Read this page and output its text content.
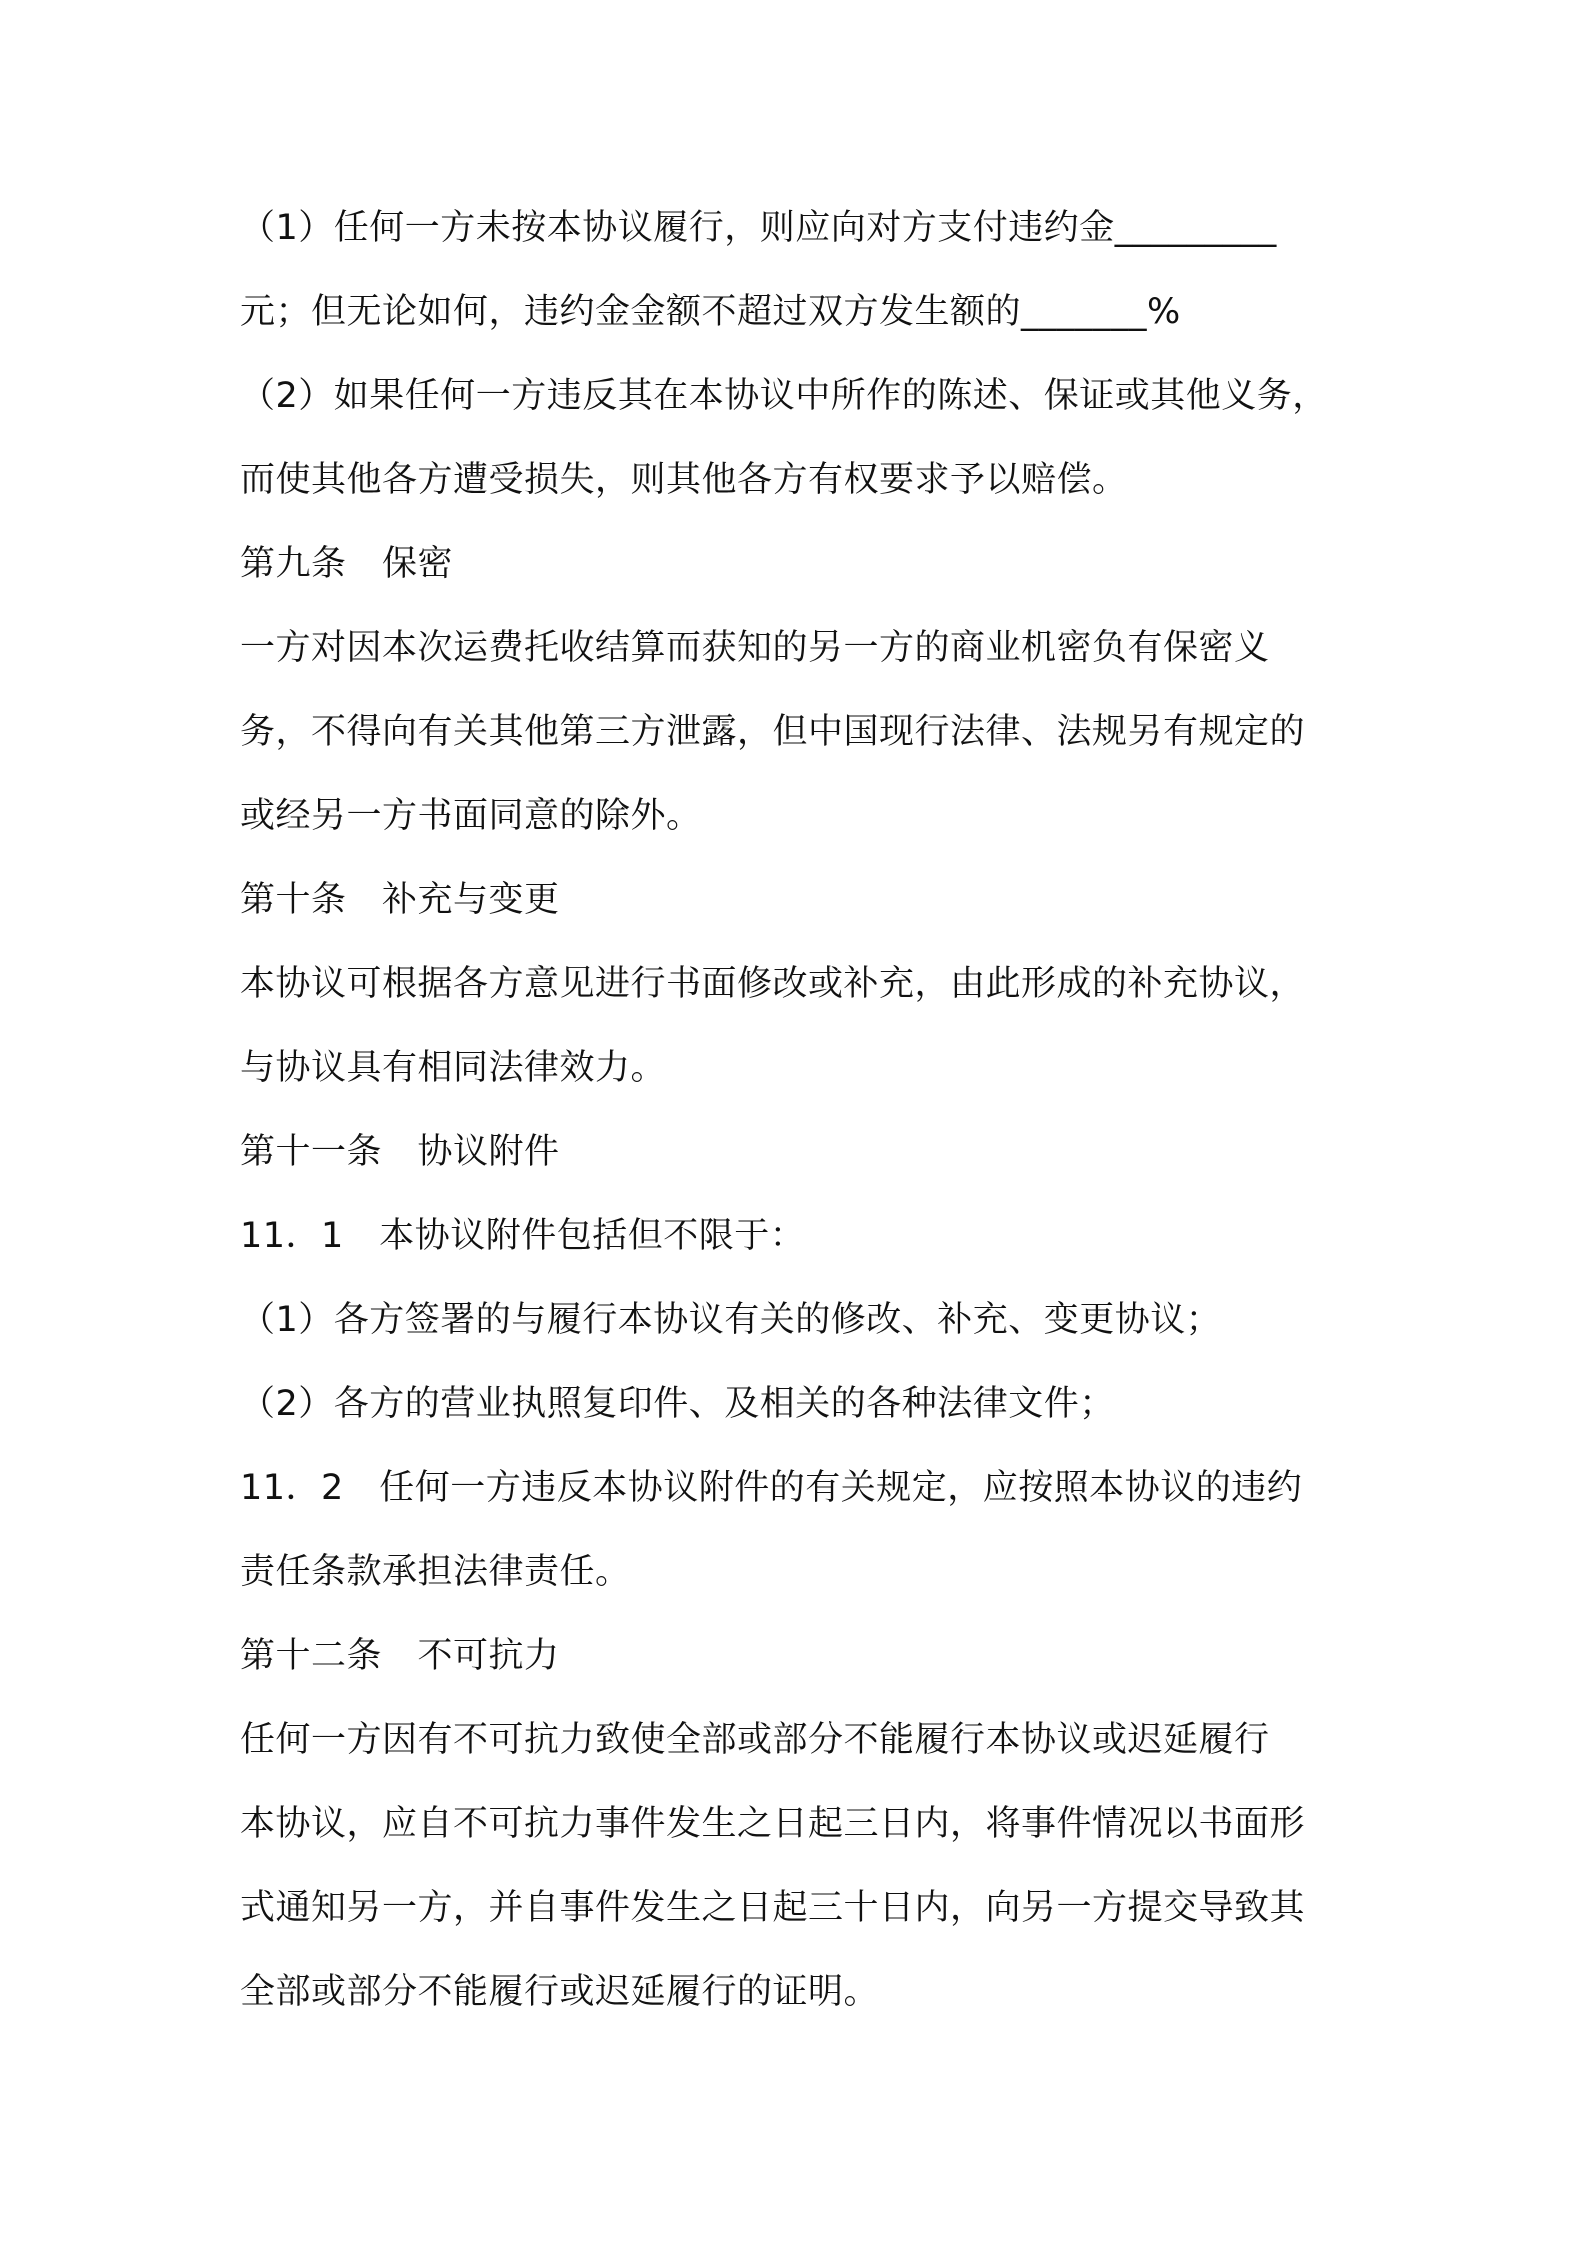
（1）任何一方未按本协议履行，则应向对方支付违约金_________
元；但无论如何，违约金金额不超过双方发生额的_______%
（2）如果任何一方违反其在本协议中所作的陈述、保证或其他义务，
而使其他各方遭受损失，则其他各方有权要求予以赔偿。
第九条　保密
一方对因本次运费托收结算而获知的另一方的商业机密负有保密义
务，不得向有关其他第三方泄露，但中国现行法律、法规另有规定的
或经另一方书面同意的除外。
第十条　补充与变更
本协议可根据各方意见进行书面修改或补充，由此形成的补充协议，
与协议具有相同法律效力。
第十一条　协议附件
11．1　本协议附件包括但不限于：
（1）各方签署的与履行本协议有关的修改、补充、变更协议；
（2）各方的营业执照复印件、及相关的各种法律文件；
11．2　任何一方违反本协议附件的有关规定，应按照本协议的违约
责任条款承担法律责任。
第十二条　不可抗力
任何一方因有不可抗力致使全部或部分不能履行本协议或迟延履行
本协议，应自不可抗力事件发生之日起三日内，将事件情况以书面形
式通知另一方，并自事件发生之日起三十日内，向另一方提交导致其
全部或部分不能履行或迟延履行的证明。
